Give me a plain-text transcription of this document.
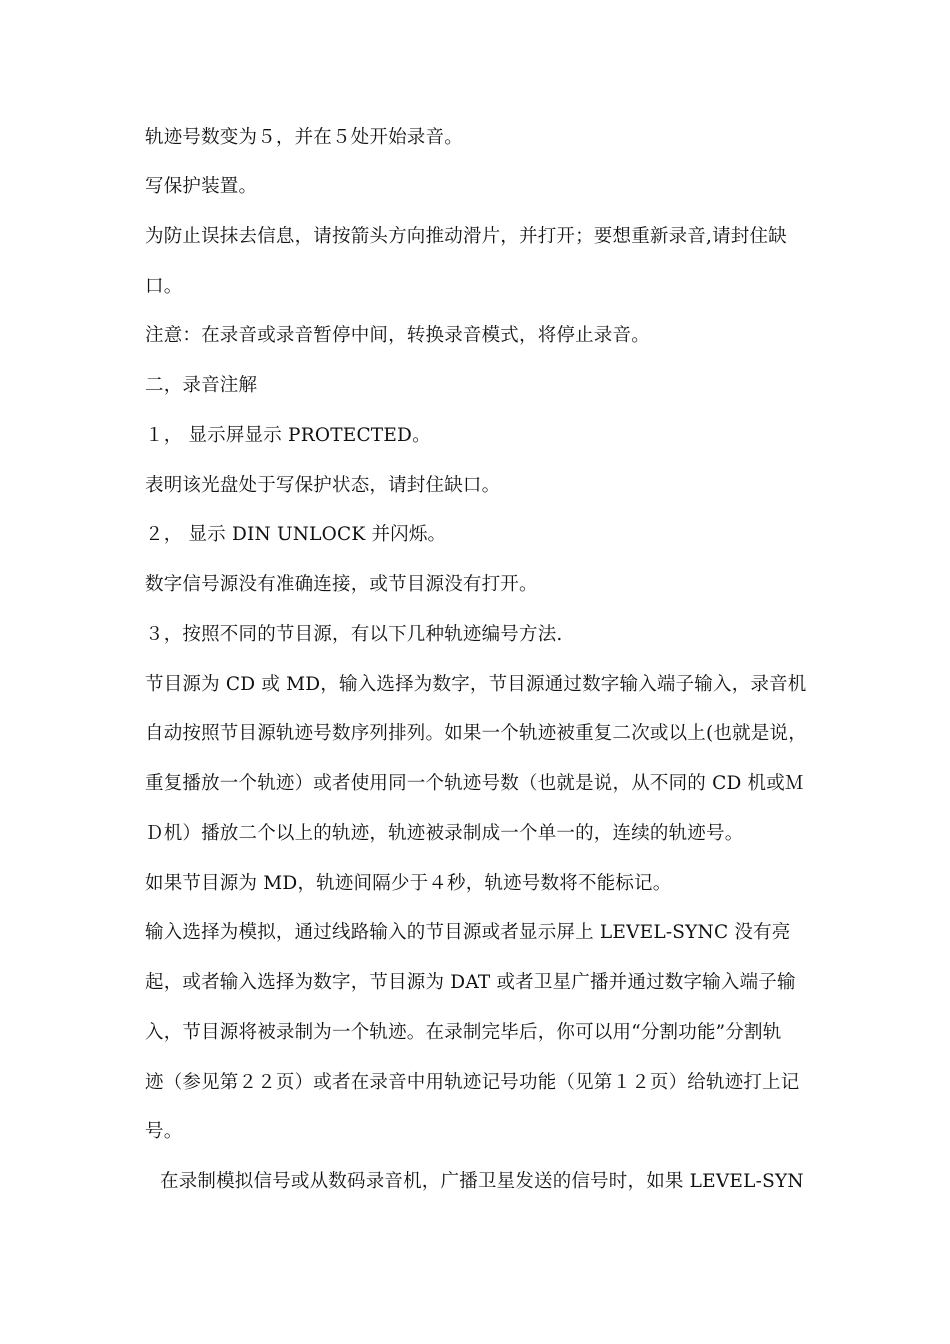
轨迹号数变为５，并在５处开始录音。
写保护装置。
为防止误抹去信息，请按箭头方向推动滑片，并打开；要想重新录音,请封住缺
口。
注意：在录音或录音暂停中间，转换录音模式，将停止录音。
二，录音注解
１， 显示屏显示 PROTECTED。
表明该光盘处于写保护状态，请封住缺口。
２， 显示 DIN UNLOCK 并闪烁。
数字信号源没有准确连接，或节目源没有打开。
３，按照不同的节目源，有以下几种轨迹编号方法.
节目源为 CD 或 MD，输入选择为数字，节目源通过数字输入端子输入，录音机
自动按照节目源轨迹号数序列排列。如果一个轨迹被重复二次或以上(也就是说，
重复播放一个轨迹）或者使用同一个轨迹号数（也就是说，从不同的 CD 机或Ｍ
Ｄ机）播放二个以上的轨迹，轨迹被录制成一个单一的，连续的轨迹号。
如果节目源为 MD，轨迹间隔少于４秒，轨迹号数将不能标记。
输入选择为模拟，通过线路输入的节目源或者显示屏上 LEVEL-SYNC 没有亮
起，或者输入选择为数字，节目源为 DAT 或者卫星广播并通过数字输入端子输
入，节目源将被录制为一个轨迹。在录制完毕后，你可以用“分割功能”分割轨
迹（参见第２２页）或者在录音中用轨迹记号功能（见第１２页）给轨迹打上记
号。
在录制模拟信号或从数码录音机，广播卫星发送的信号时，如果 LEVEL-SYN
